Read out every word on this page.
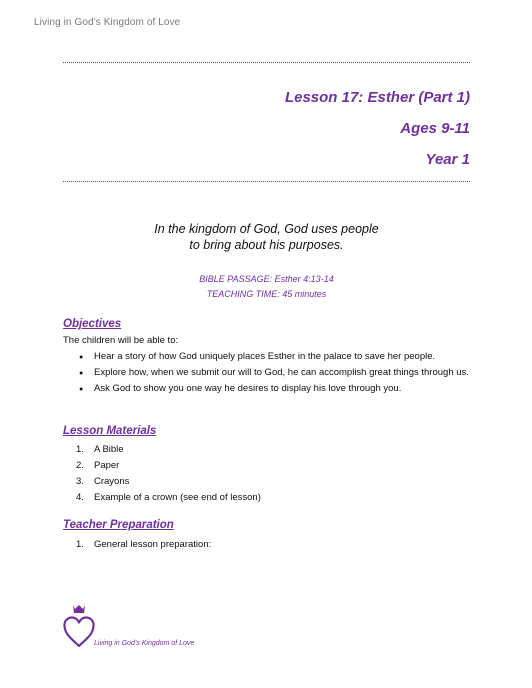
Living in God’s Kingdom of Love
Lesson 17: Esther (Part 1)
Ages 9-11
Year 1
In the kingdom of God, God uses people
to bring about his purposes.
BIBLE PASSAGE: Esther 4:13-14
TEACHING TIME: 45 minutes
Objectives
The children will be able to:
● Hear a story of how God uniquely places Esther in the palace to save her people.
● Explore how, when we submit our will to God, he can accomplish great things through us.
● Ask God to show you one way he desires to display his love through you.
Lesson Materials
1. A Bible
2. Paper
3. Crayons
4. Example of a crown (see end of lesson)
Teacher Preparation
1. General lesson preparation:
Living in God’s Kingdom of Love
